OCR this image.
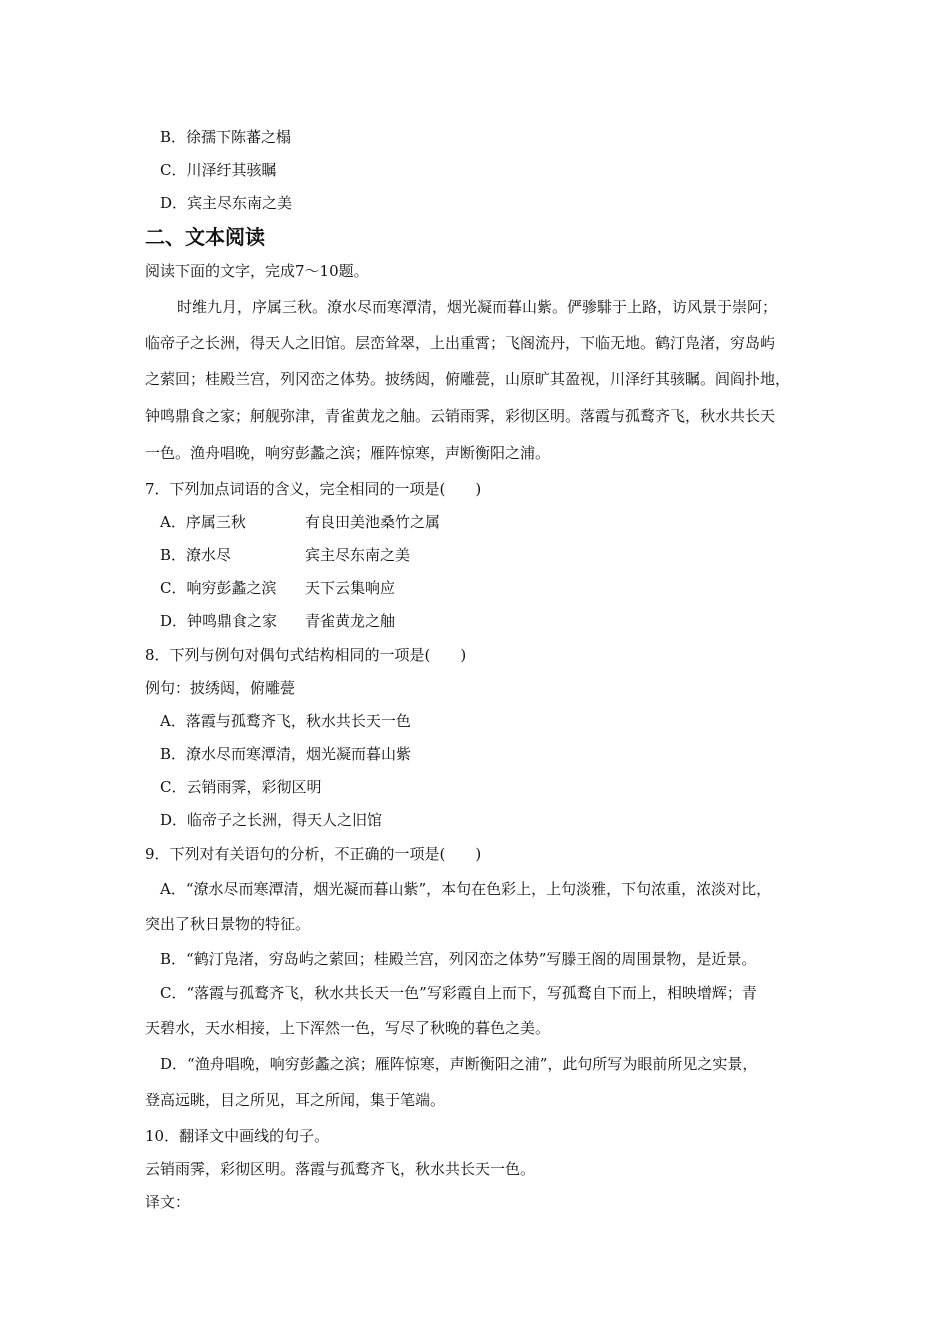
B．徐孺下陈蕃之榻
C．川泽纡其骇瞩
D．宾主尽东南之美
二、文本阅读
阅读下面的文字，完成7～10题。
时维九月，序属三秋。潦水尽而寒潭清，烟光凝而暮山紫。俨骖騑于上路，访风景于崇阿；
临帝子之长洲，得天人之旧馆。层峦耸翠，上出重霄；飞阁流丹，下临无地。鹤汀凫渚，穷岛屿
之萦回；桂殿兰宫，列冈峦之体势。披绣闼，俯雕甍，山原旷其盈视，川泽纡其骇瞩。闾阎扑地，
钟鸣鼎食之家；舸舰弥津，青雀黄龙之舳。云销雨霁，彩彻区明。落霞与孤鹜齐飞，秋水共长天
一色。渔舟唱晚，响穷彭蠡之滨；雁阵惊寒，声断衡阳之浦。
7．下列加点词语的含义，完全相同的一项是(　　)
A．序属三秋	有良田美池桑竹之属
B．潦水尽	宾主尽东南之美
C．响穷彭蠡之滨 天下云集响应
D．钟鸣鼎食之家 青雀黄龙之舳
8．下列与例句对偶句式结构相同的一项是(　　)
例句：披绣闼，俯雕甍
A．落霞与孤鹜齐飞，秋水共长天一色
B．潦水尽而寒潭清，烟光凝而暮山紫
C．云销雨霁，彩彻区明
D．临帝子之长洲，得天人之旧馆
9．下列对有关语句的分析，不正确的一项是(　　)
A．“潦水尽而寒潭清，烟光凝而暮山紫”，本句在色彩上，上句淡雅，下句浓重，浓淡对比，
突出了秋日景物的特征。
B．“鹤汀凫渚，穷岛屿之萦回；桂殿兰宫，列冈峦之体势”写滕王阁的周围景物，是近景。
C．“落霞与孤鹜齐飞，秋水共长天一色”写彩霞自上而下，写孤鹜自下而上，相映增辉；青
天碧水，天水相接，上下浑然一色，写尽了秋晚的暮色之美。
D．“渔舟唱晚，响穷彭蠡之滨；雁阵惊寒，声断衡阳之浦”，此句所写为眼前所见之实景，
登高远眺，目之所见，耳之所闻，集于笔端。
10．翻译文中画线的句子。
云销雨霁，彩彻区明。落霞与孤鹜齐飞，秋水共长天一色。
译文：
